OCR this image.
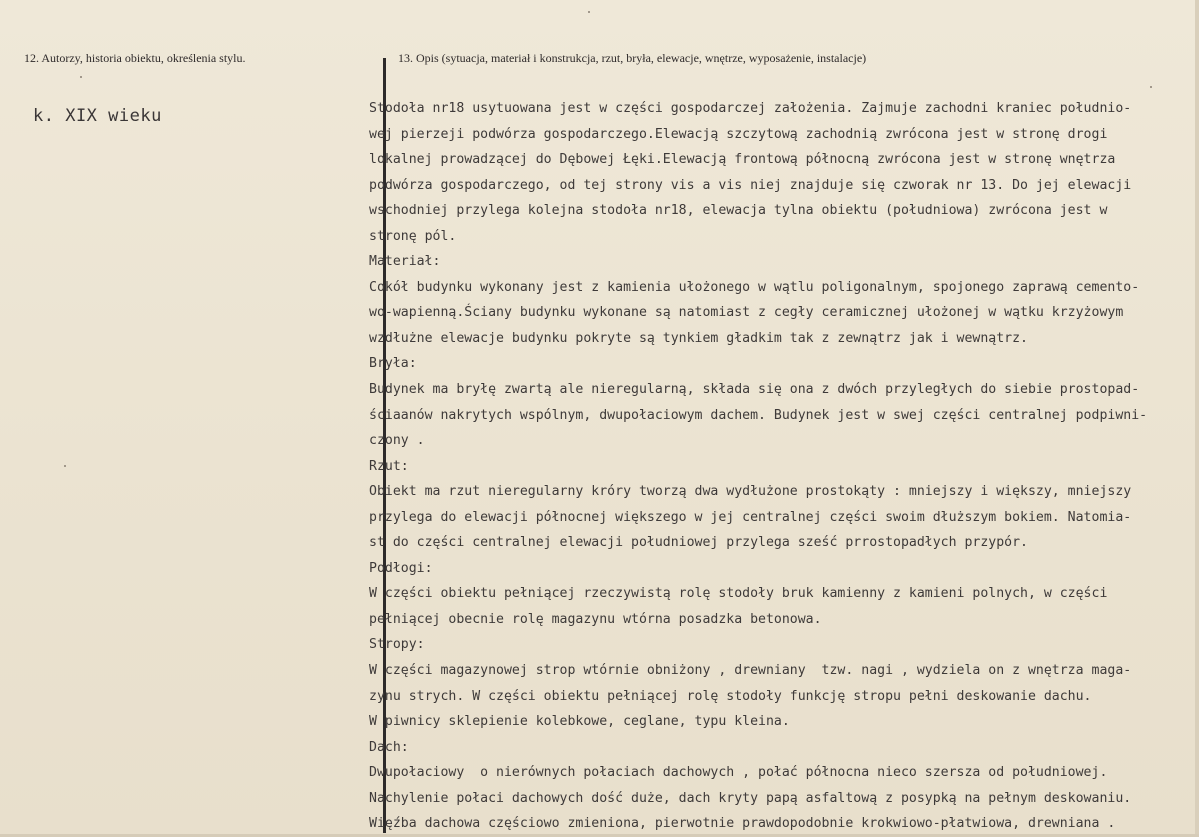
12. Autorzy, historia obiektu, określenia stylu.	13. Opis (sytuacja, materiał i konstrukcja, rzut, bryła, elewacje, wnętrze, wyposażenie, instalacje)
k. XIX wieku	Stodoła nr18 usytuowana jest w części gospodarczej założenia. Zajmuje zachodni kraniec południo-
wej pierzeji podwórza gospodarczego.Elewacją szczytową zachodnią zwrócona jest w stronę drogi
lokalnej prowadzącej do Dębowej Łęki.Elewacją frontową północną zwrócona jest w stronę wnętrza
podwórza gospodarczego, od tej strony vis a vis niej znajduje się czworak nr 13. Do jej elewacji
wschodniej przylega kolejna stodoła nr18, elewacja tylna obiektu (południowa) zwrócona jest w
stronę pól.
Materiał:
Cokół budynku wykonany jest z kamienia ułożonego w wątlu poligonalnym, spojonego zaprawą cemento-
wo-wapienną.Ściany budynku wykonane są natomiast z cegły ceramicznej ułożonej w wątku krzyżowym
wzdłużne elewacje budynku pokryte są tynkiem gładkim tak z zewnątrz jak i wewnątrz.
Bryła:
Budynek ma bryłę zwartą ale nieregularną, składa się ona z dwóch przyległych do siebie prostopad-
ściaanów nakrytych wspólnym, dwupołaciowym dachem. Budynek jest w swej części centralnej podpiwni-
czony .
Rzut:
Obiekt ma rzut nieregularny króry tworzą dwa wydłużone prostokąty : mniejszy i większy, mniejszy
przylega do elewacji północnej większego w jej centralnej części swoim dłuższym bokiem. Natomia-
st do części centralnej elewacji południowej przylega sześć prrostopadłych przypór.
Podłogi:
W części obiektu pełniącej rzeczywistą rolę stodoły bruk kamienny z kamieni polnych, w części
pełniącej obecnie rolę magazynu wtórna posadzka betonowa.
Stropy:
W części magazynowej strop wtórnie obniżony , drewniany  tzw. nagi , wydziela on z wnętrza maga-
zynu strych. W części obiektu pełniącej rolę stodoły funkcję stropu pełni deskowanie dachu.
W piwnicy sklepienie kolebkowe, ceglane, typu kleina.
Dach:
Dwupołaciowy  o nierównych połaciach dachowych , połać północna nieco szersza od południowej.
Nachylenie połaci dachowych dość duże, dach kryty papą asfaltową z posypką na pełnym deskowaniu.
Więźba dachowa częściowo zmieniona, pierwotnie prawdopodobnie krokwiowo-płatwiowa, drewniana .
